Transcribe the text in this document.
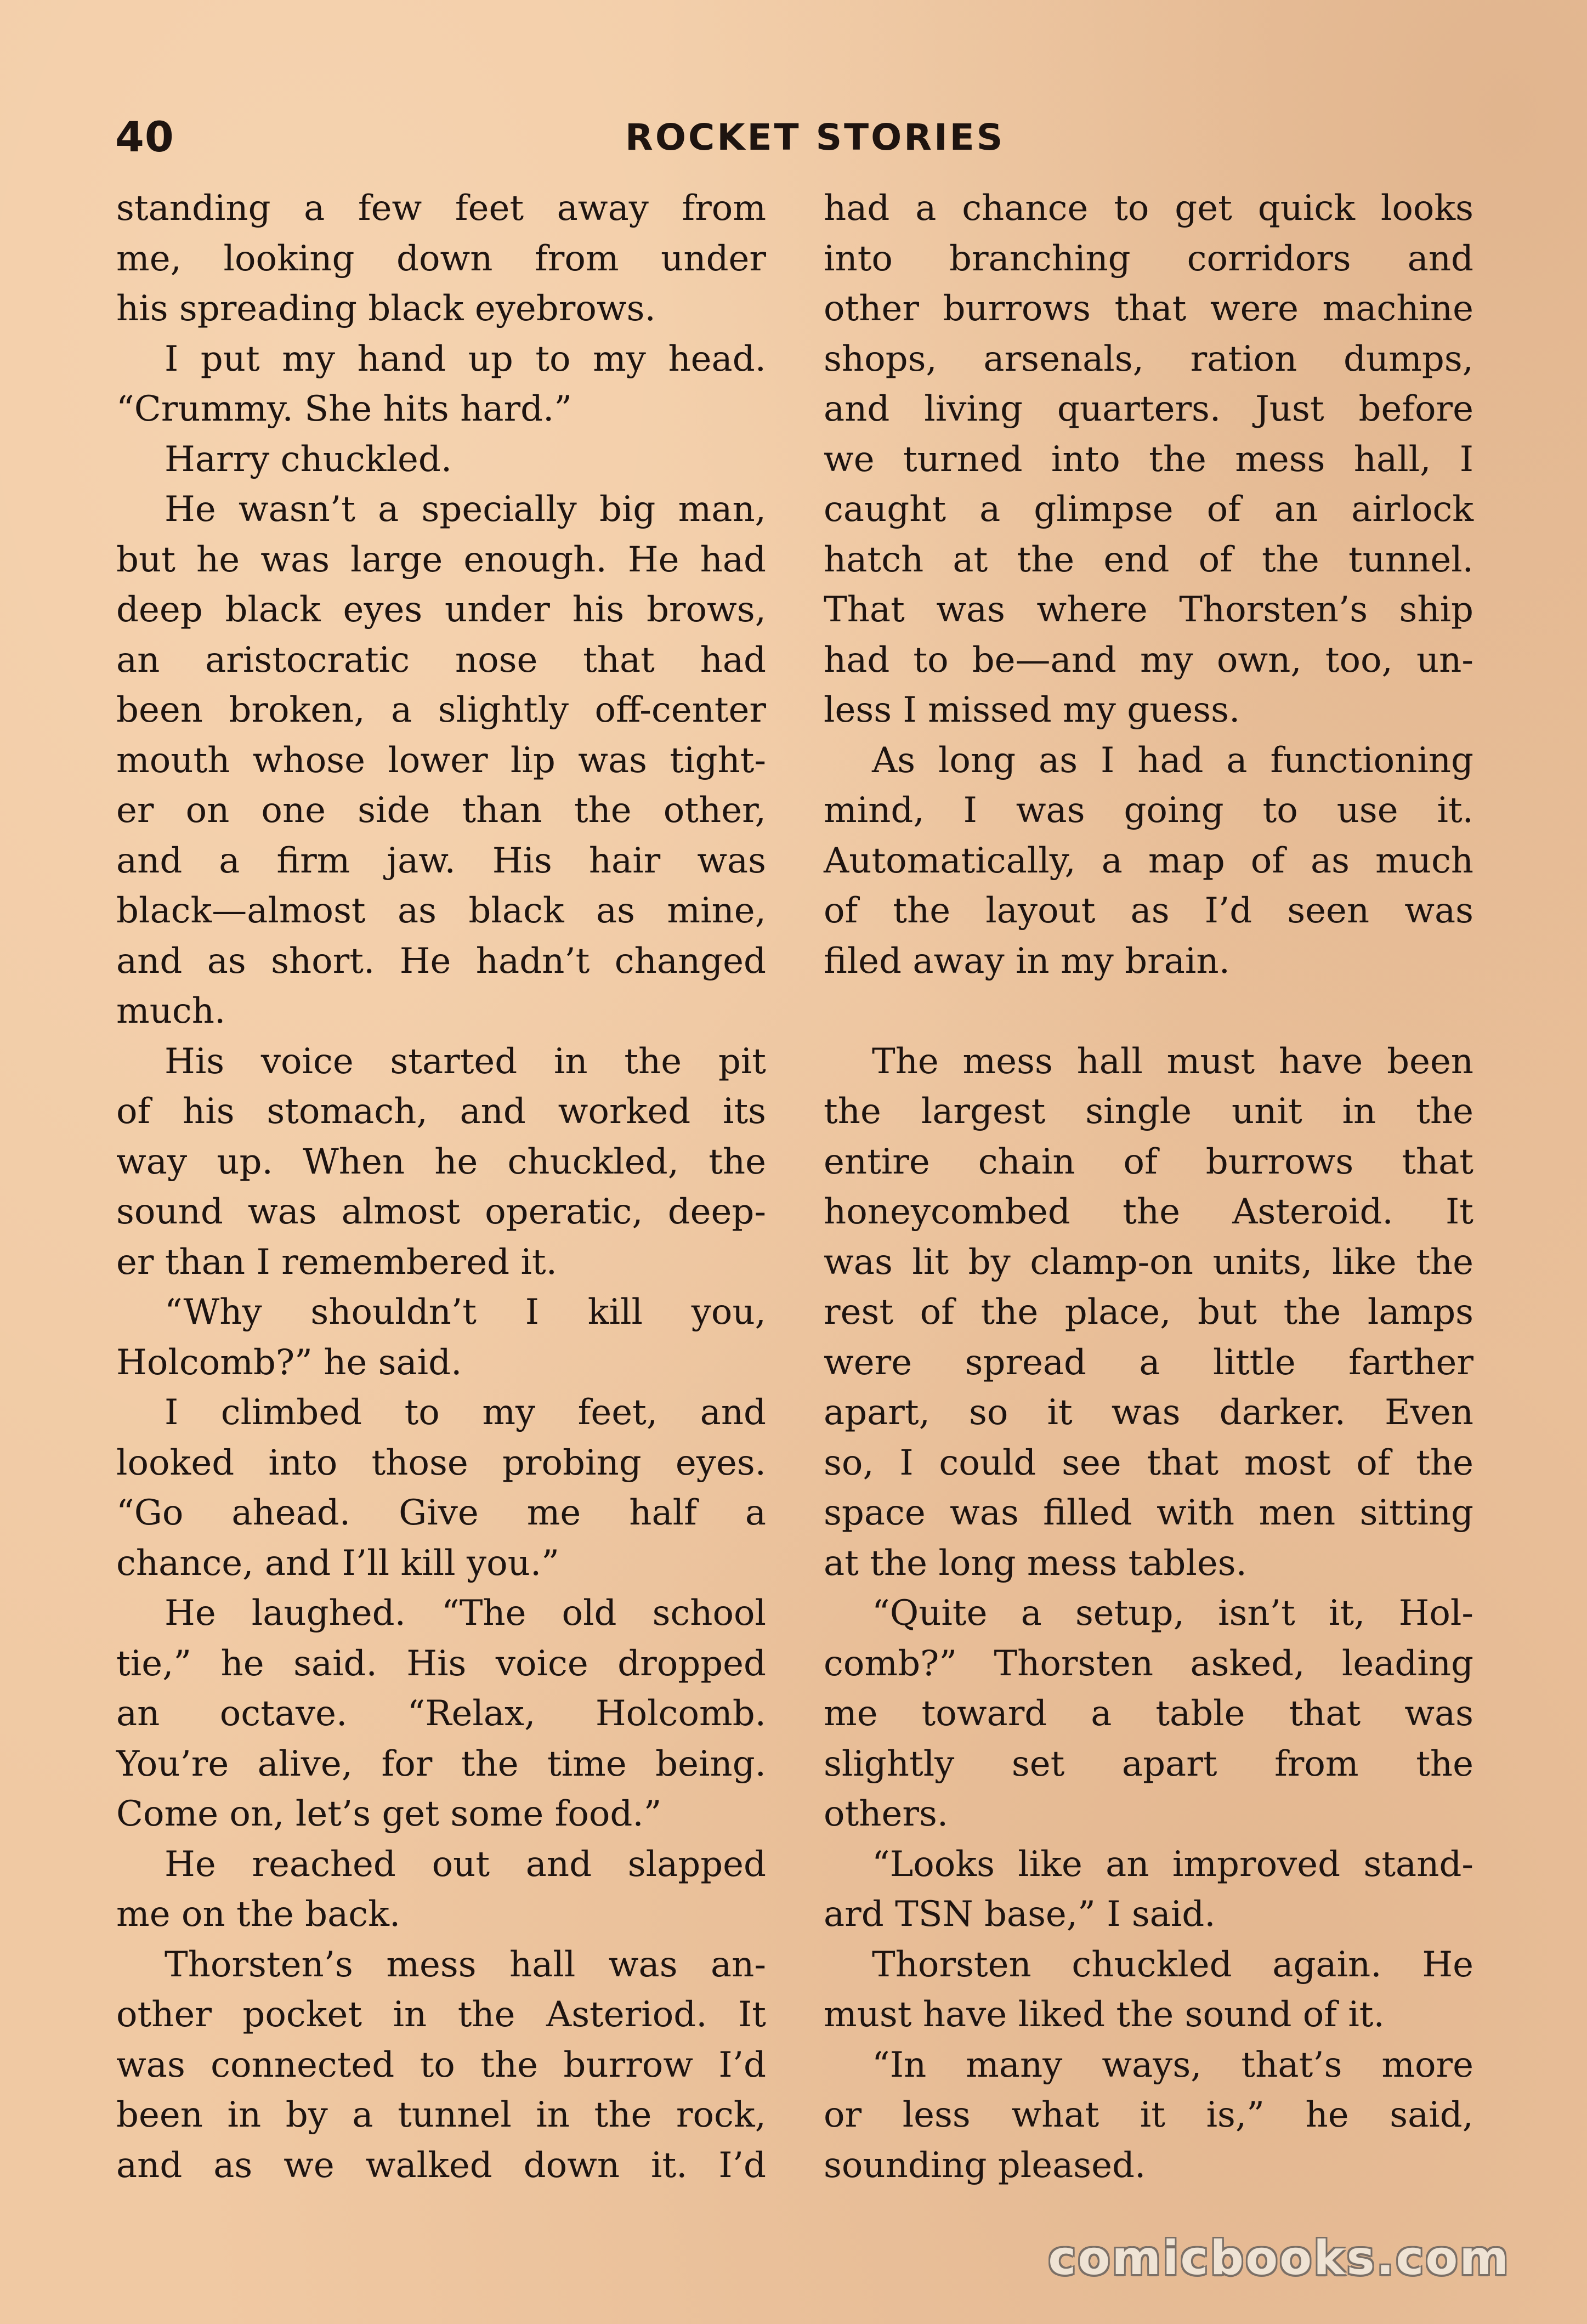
40	ROCKET STORIES
standing a few feet away from
me, looking down from under
his spreading black eyebrows.
I put my hand up to my head.
“Crummy. She hits hard.”
Harry chuckled.
He wasn’t a specially big man,
but he was large enough. He had
deep black eyes under his brows,
an aristocratic nose that had
been broken, a slightly off-center
mouth whose lower lip was tight-
er on one side than the other,
and a firm jaw. His hair was
black—almost as black as mine,
and as short. He hadn’t changed
much.
His voice started in the pit
of his stomach, and worked its
way up. When he chuckled, the
sound was almost operatic, deep-
er than I remembered it.
“Why shouldn’t I kill you,
Holcomb?” he said.
I climbed to my feet, and
looked into those probing eyes.
“Go ahead. Give me half a
chance, and I’ll kill you.”
He laughed. “The old school
tie,” he said. His voice dropped
an octave. “Relax, Holcomb.
You’re alive, for the time being.
Come on, let’s get some food.”
He reached out and slapped
me on the back.
Thorsten’s mess hall was an-
other pocket in the Asteriod. It
was connected to the burrow I’d
been in by a tunnel in the rock,
and as we walked down it. I’d
had a chance to get quick looks
into branching corridors and
other burrows that were machine
shops, arsenals, ration dumps,
and living quarters. Just before
we turned into the mess hall, I
caught a glimpse of an airlock
hatch at the end of the tunnel.
That was where Thorsten’s ship
had to be—and my own, too, un-
less I missed my guess.
As long as I had a functioning
mind, I was going to use it.
Automatically, a map of as much
of the layout as I’d seen was
filed away in my brain.
The mess hall must have been
the largest single unit in the
entire chain of burrows that
honeycombed the Asteroid. It
was lit by clamp-on units, like the
rest of the place, but the lamps
were spread a little farther
apart, so it was darker. Even
so, I could see that most of the
space was filled with men sitting
at the long mess tables.
“Quite a setup, isn’t it, Hol-
comb?” Thorsten asked, leading
me toward a table that was
slightly set apart from the
others.
“Looks like an improved stand-
ard TSN base,” I said.
Thorsten chuckled again. He
must have liked the sound of it.
“In many ways, that’s more
or less what it is,” he said,
sounding pleased.
comicbooks.com
